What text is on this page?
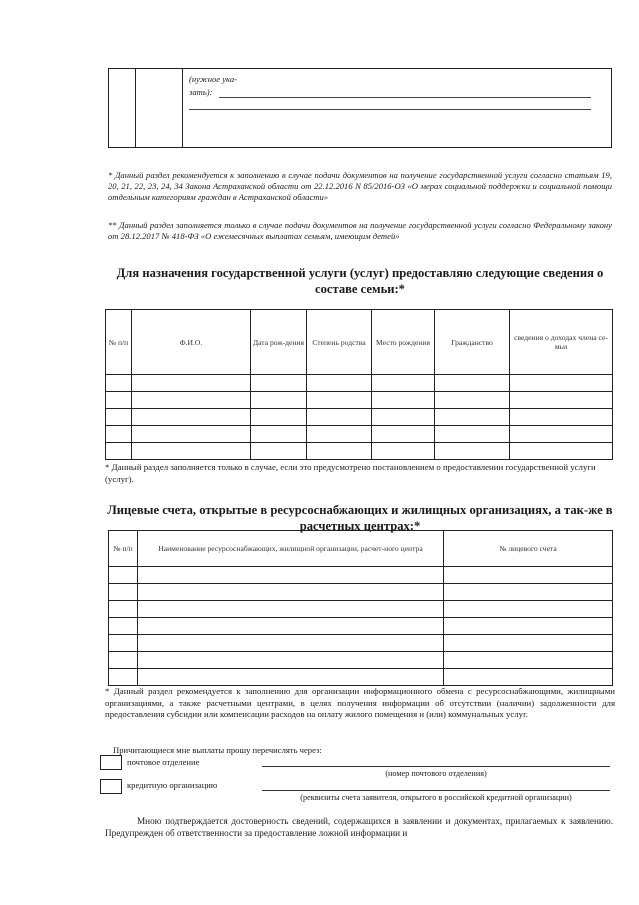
(нужное ука-
зать):
* Данный раздел рекомендуется к заполнению в случае подачи документов на получение государственной услуги согласно статьям 19, 20, 21, 22, 23, 24, 34 Закона Астраханской области от 22.12.2016 N 85/2016-ОЗ «О мерах социальной поддержки и социальной помощи отдельным категориям граждан в Астраханской области»
** Данный раздел заполняется только в случае подачи документов на получение государственной услуги согласно Федеральному закону от 28.12.2017 № 418-ФЗ «О ежемесячных выплатах семьям, имеющим детей»
Для назначения государственной услуги (услуг) предоставляю следующие сведения о составе семьи:*
№ п/п	Ф.И.О.	Дата рож-дения	Степень родства	Место рождения	Гражданство	сведения о доходах члена се-мьи

* Данный раздел заполняется только в случае, если это предусмотрено постановлением о предоставлении государственной услуги (услуг).
Лицевые счета, открытые в ресурсоснабжающих и жилищных организациях, а так-же в расчетных центрах:*
№ п/п	Наименование ресурсоснабжающих, жилищной организации, расчет-ного центра	№ лицевого счета

* Данный раздел рекомендуется к заполнению для организации информационного обмена с ресурсоснабжающими, жилищными организациями, а также расчетными центрами, в целях получения информации об отсутствии (наличии) задолженности для предоставления субсидии или компенсации расходов на оплату жилого помещения и (или) коммунальных услуг.
Причитающиеся мне выплаты прошу перечислять через:
почтовое отделение
(номер почтового отделения)
кредитную организацию
(реквизиты счета заявителя, открытого в российской кредитной организации)
Мною подтверждается достоверность сведений, содержащихся в заявлении и документах, прилагаемых к заявлению. Предупрежден об ответственности за предоставление ложной информации и
